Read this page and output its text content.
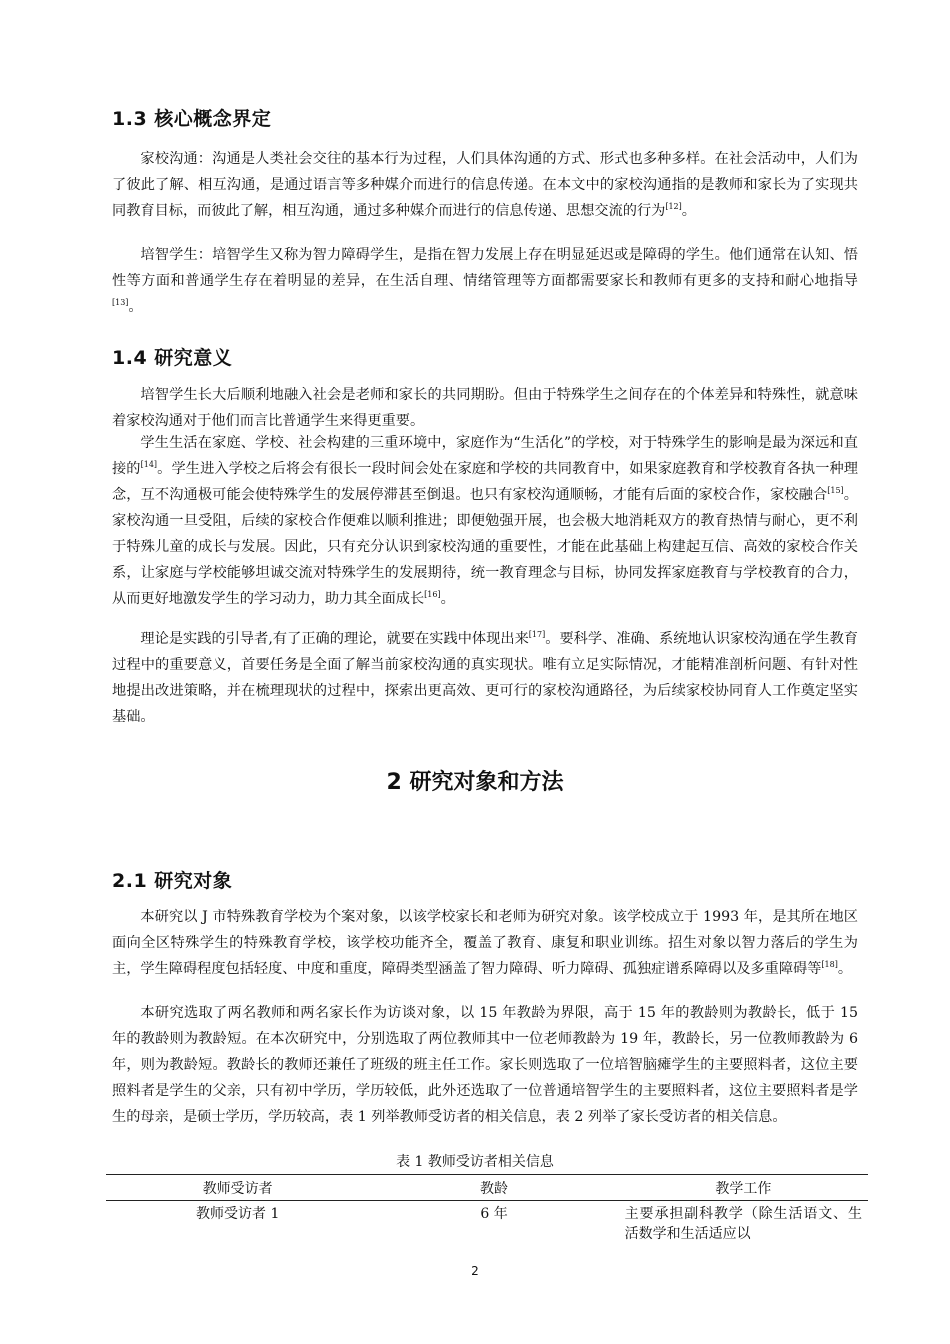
1.3 核心概念界定

家校沟通：沟通是人类社会交往的基本行为过程，人们具体沟通的方式、形式也多种多样。在社会活动中，人们为了彼此了解、相互沟通，是通过语言等多种媒介而进行的信息传递。在本文中的家校沟通指的是教师和家长为了实现共同教育目标，而彼此了解，相互沟通，通过多种媒介而进行的信息传递、思想交流的行为[12]。

培智学生：培智学生又称为智力障碍学生，是指在智力发展上存在明显延迟或是障碍的学生。他们通常在认知、悟性等方面和普通学生存在着明显的差异，在生活自理、情绪管理等方面都需要家长和教师有更多的支持和耐心地指导[13]。

1.4 研究意义

培智学生长大后顺利地融入社会是老师和家长的共同期盼。但由于特殊学生之间存在的个体差异和特殊性，就意味着家校沟通对于他们而言比普通学生来得更重要。

学生生活在家庭、学校、社会构建的三重环境中，家庭作为“生活化”的学校，对于特殊学生的影响是最为深远和直接的[14]。学生进入学校之后将会有很长一段时间会处在家庭和学校的共同教育中，如果家庭教育和学校教育各执一种理念，互不沟通极可能会使特殊学生的发展停滞甚至倒退。也只有家校沟通顺畅，才能有后面的家校合作，家校融合[15]。家校沟通一旦受阻，后续的家校合作便难以顺利推进；即便勉强开展，也会极大地消耗双方的教育热情与耐心，更不利于特殊儿童的成长与发展。因此，只有充分认识到家校沟通的重要性，才能在此基础上构建起互信、高效的家校合作关系，让家庭与学校能够坦诚交流对特殊学生的发展期待，统一教育理念与目标，协同发挥家庭教育与学校教育的合力，从而更好地激发学生的学习动力，助力其全面成长[16]。

理论是实践的引导者,有了正确的理论，就要在实践中体现出来[17]。要科学、准确、系统地认识家校沟通在学生教育过程中的重要意义，首要任务是全面了解当前家校沟通的真实现状。唯有立足实际情况，才能精准剖析问题、有针对性地提出改进策略，并在梳理现状的过程中，探索出更高效、更可行的家校沟通路径，为后续家校协同育人工作奠定坚实基础。

2 研究对象和方法
2.1 研究对象

本研究以 J 市特殊教育学校为个案对象，以该学校家长和老师为研究对象。该学校成立于 1993 年，是其所在地区面向全区特殊学生的特殊教育学校，该学校功能齐全，覆盖了教育、康复和职业训练。招生对象以智力落后的学生为主，学生障碍程度包括轻度、中度和重度，障碍类型涵盖了智力障碍、听力障碍、孤独症谱系障碍以及多重障碍等[18]。

本研究选取了两名教师和两名家长作为访谈对象，以 15 年教龄为界限，高于 15 年的教龄则为教龄长，低于 15 年的教龄则为教龄短。在本次研究中，分别选取了两位教师其中一位老师教龄为 19 年，教龄长，另一位教师教龄为 6 年，则为教龄短。教龄长的教师还兼任了班级的班主任工作。家长则选取了一位培智脑瘫学生的主要照料者，这位主要照料者是学生的父亲，只有初中学历，学历较低，此外还选取了一位普通培智学生的主要照料者，这位主要照料者是学生的母亲，是硕士学历，学历较高，表 1 列举教师受访者的相关信息，表 2 列举了家长受访者的相关信息。

表 1 教师受访者相关信息

教师受访者	教龄	教学工作
教师受访者 1	6 年	主要承担副科教学（除生活语文、生活数学和生活适应以
2
